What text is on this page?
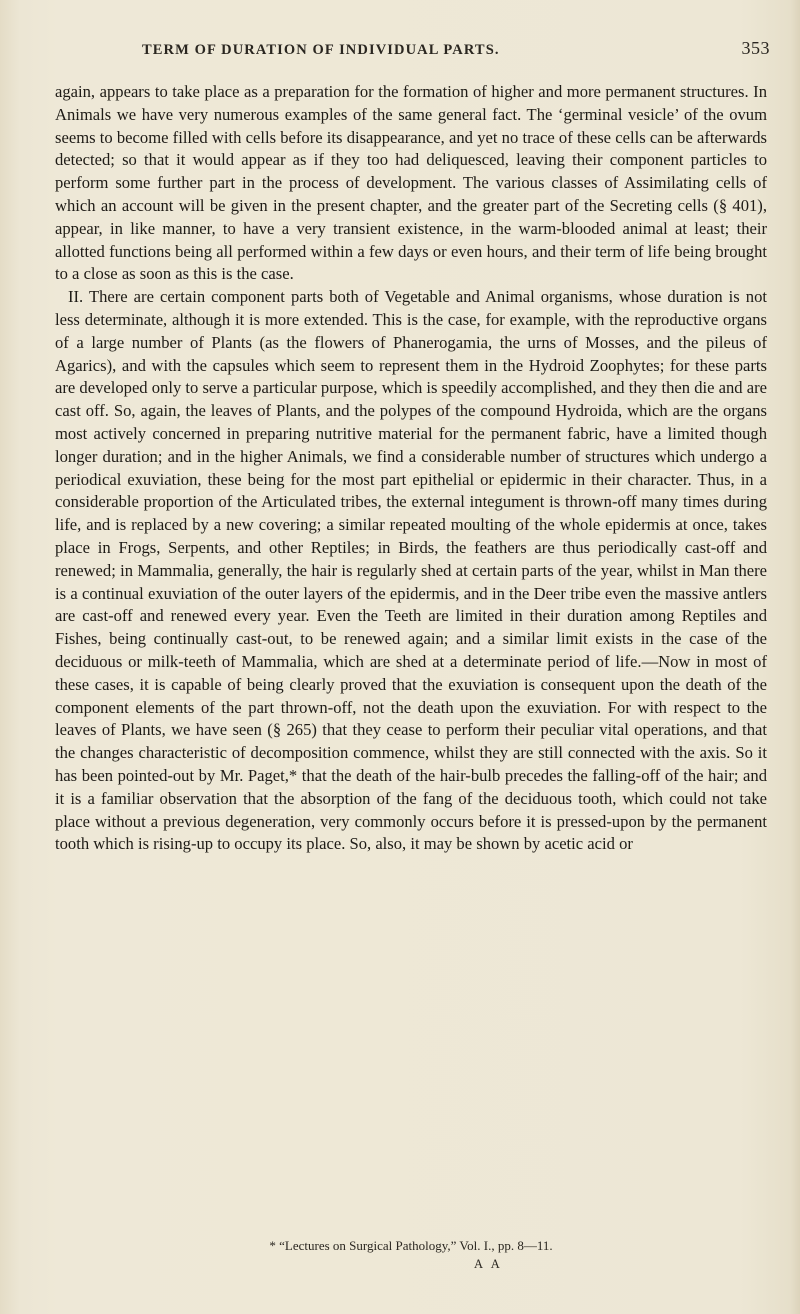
TERM OF DURATION OF INDIVIDUAL PARTS.	353

again, appears to take place as a preparation for the formation of higher and more permanent structures. In Animals we have very numerous examples of the same general fact. The ‘germinal vesicle’ of the ovum seems to become filled with cells before its disappearance, and yet no trace of these cells can be afterwards detected; so that it would appear as if they too had deliquesced, leaving their component particles to perform some further part in the process of development. The various classes of Assimilating cells of which an account will be given in the present chapter, and the greater part of the Secreting cells (§ 401), appear, in like manner, to have a very transient existence, in the warm-blooded animal at least; their allotted functions being all performed within a few days or even hours, and their term of life being brought to a close as soon as this is the case.

II. There are certain component parts both of Vegetable and Animal organisms, whose duration is not less determinate, although it is more extended. This is the case, for example, with the reproductive organs of a large number of Plants (as the flowers of Phanerogamia, the urns of Mosses, and the pileus of Agarics), and with the capsules which seem to represent them in the Hydroid Zoophytes; for these parts are developed only to serve a particular purpose, which is speedily accomplished, and they then die and are cast off. So, again, the leaves of Plants, and the polypes of the compound Hydroida, which are the organs most actively concerned in preparing nutritive material for the permanent fabric, have a limited though longer duration; and in the higher Animals, we find a considerable number of structures which undergo a periodical exuviation, these being for the most part epithelial or epidermic in their character. Thus, in a considerable proportion of the Articulated tribes, the external integument is thrown-off many times during life, and is replaced by a new covering; a similar repeated moulting of the whole epidermis at once, takes place in Frogs, Serpents, and other Reptiles; in Birds, the feathers are thus periodically cast-off and renewed; in Mammalia, generally, the hair is regularly shed at certain parts of the year, whilst in Man there is a continual exuviation of the outer layers of the epidermis, and in the Deer tribe even the massive antlers are cast-off and renewed every year. Even the Teeth are limited in their duration among Reptiles and Fishes, being continually cast-out, to be renewed again; and a similar limit exists in the case of the deciduous or milk-teeth of Mammalia, which are shed at a determinate period of life.—Now in most of these cases, it is capable of being clearly proved that the exuviation is consequent upon the death of the component elements of the part thrown-off, not the death upon the exuviation. For with respect to the leaves of Plants, we have seen (§ 265) that they cease to perform their peculiar vital operations, and that the changes characteristic of decomposition commence, whilst they are still connected with the axis. So it has been pointed-out by Mr. Paget,* that the death of the hair-bulb precedes the falling-off of the hair; and it is a familiar observation that the absorption of the fang of the deciduous tooth, which could not take place without a previous degeneration, very commonly occurs before it is pressed-upon by the permanent tooth which is rising-up to occupy its place. So, also, it may be shown by acetic acid or

* “Lectures on Surgical Pathology,” Vol. I., pp. 8—11.
A A
